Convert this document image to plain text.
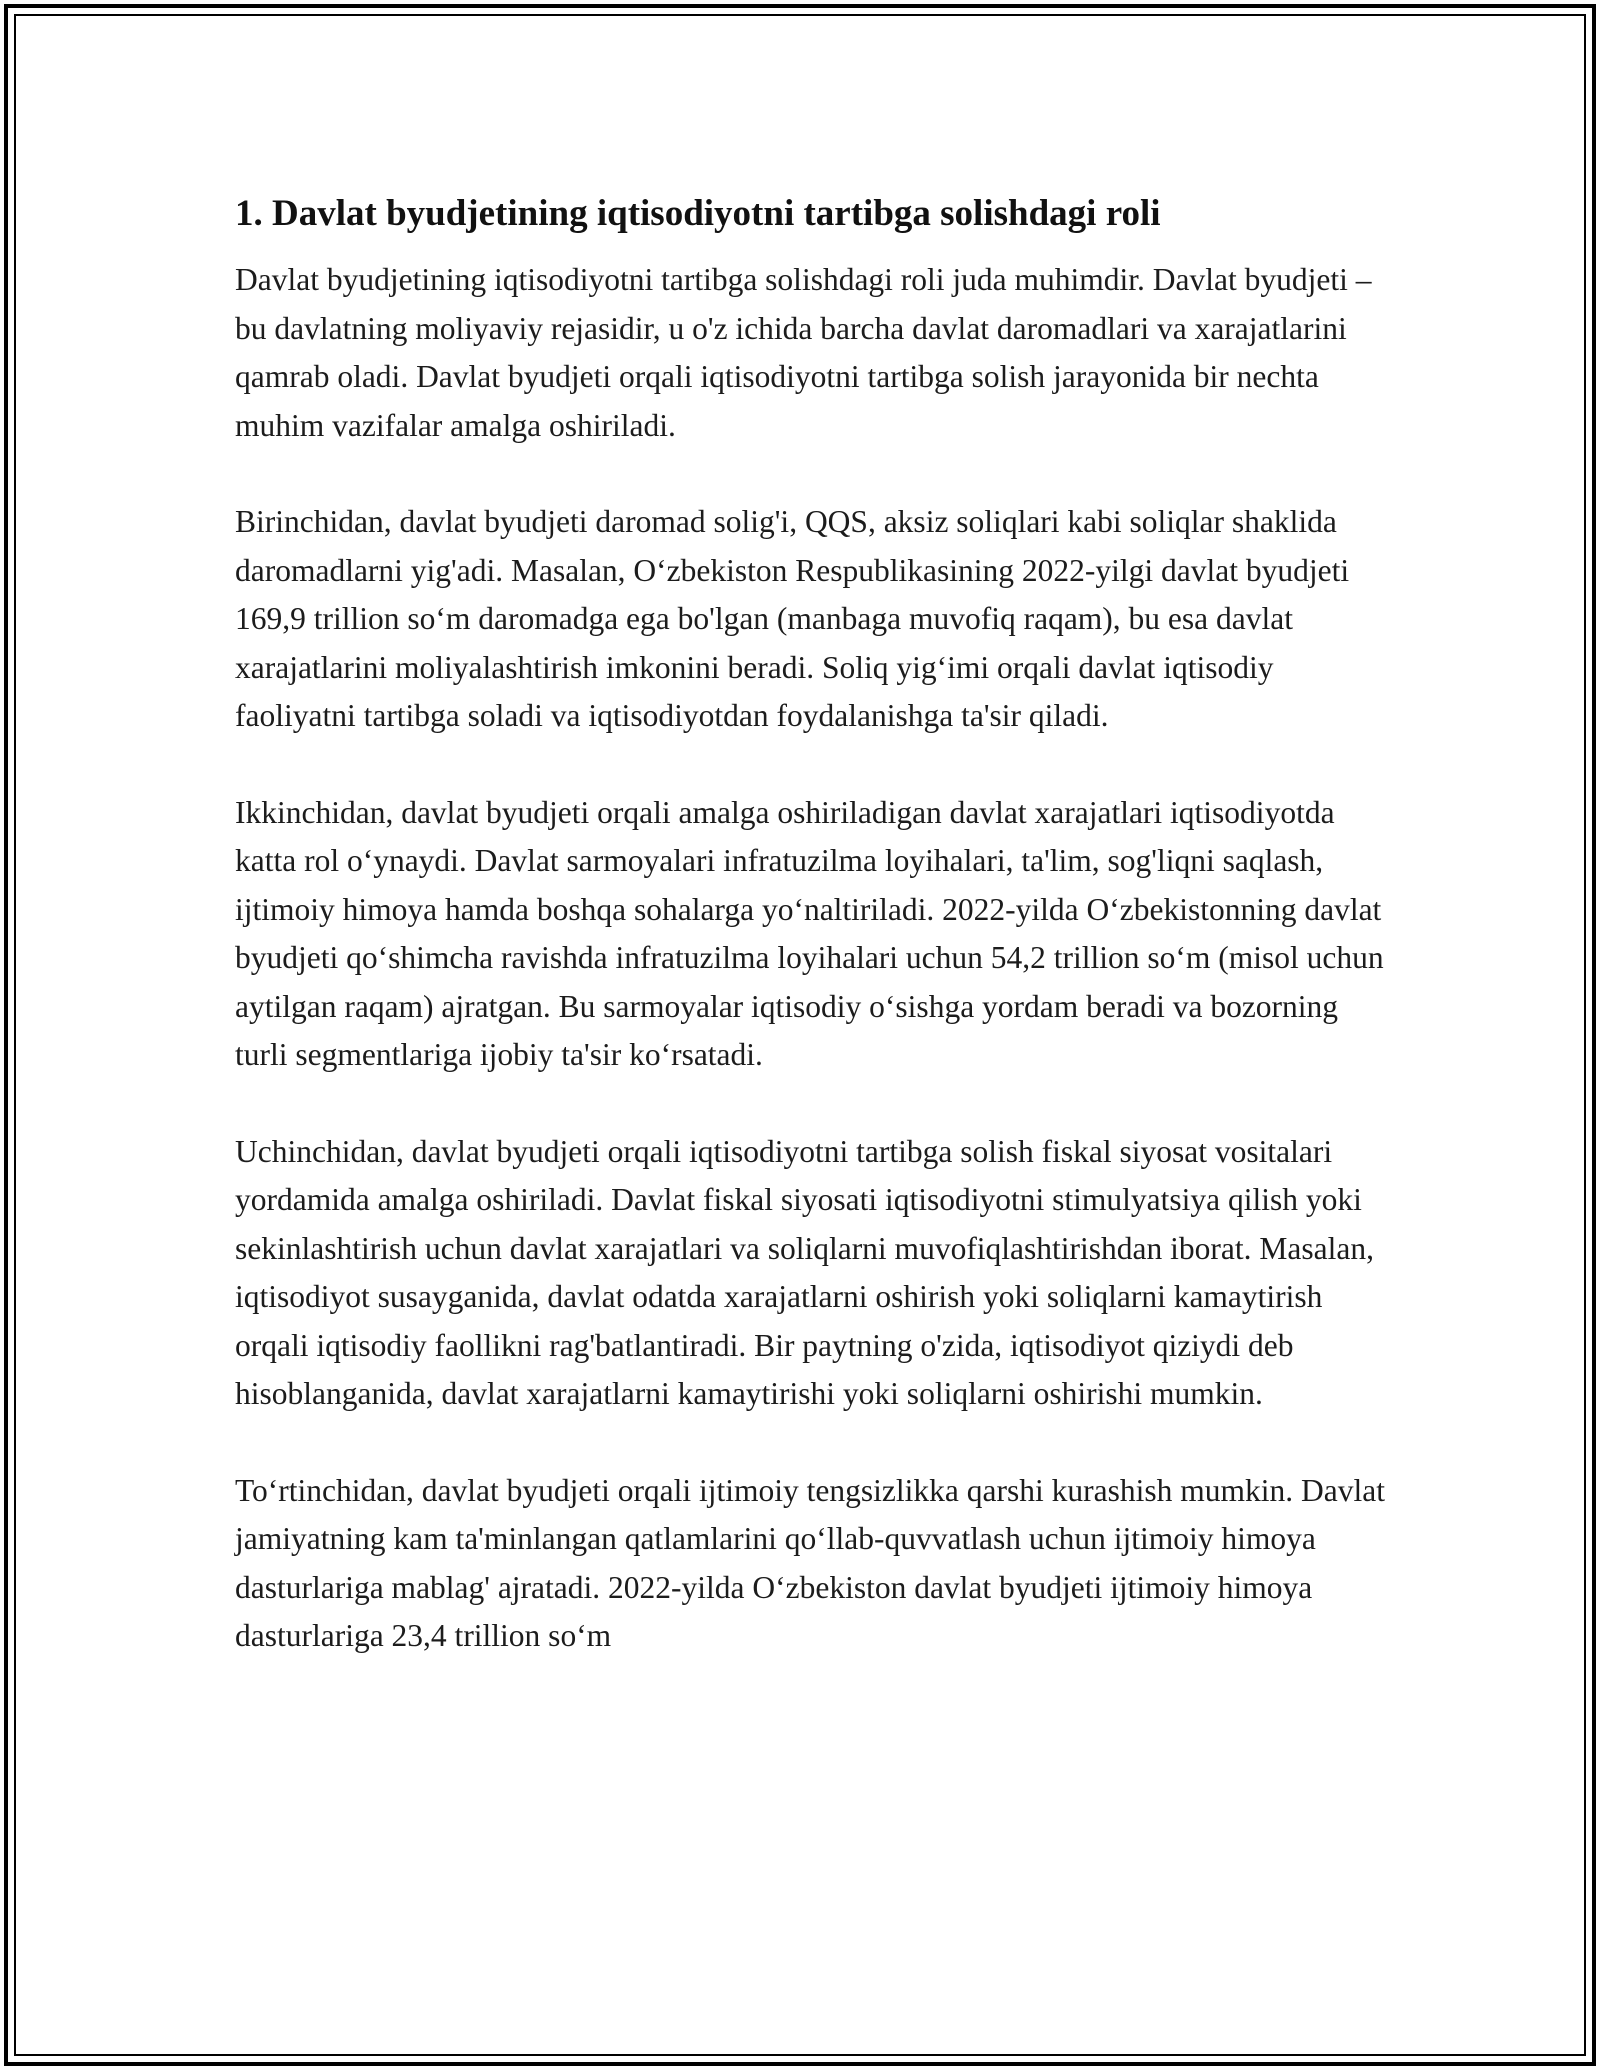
1. Davlat byudjetining iqtisodiyotni tartibga solishdagi roli

Davlat byudjetining iqtisodiyotni tartibga solishdagi roli juda muhimdir. Davlat byudjeti – bu davlatning moliyaviy rejasidir, u o'z ichida barcha davlat daromadlari va xarajatlarini qamrab oladi. Davlat byudjeti orqali iqtisodiyotni tartibga solish jarayonida bir nechta muhim vazifalar amalga oshiriladi.

Birinchidan, davlat byudjeti daromad solig'i, QQS, aksiz soliqlari kabi soliqlar shaklida daromadlarni yig'adi. Masalan, Oʻzbekiston Respublikasining 2022-yilgi davlat byudjeti 169,9 trillion soʻm daromadga ega bo'lgan (manbaga muvofiq raqam), bu esa davlat xarajatlarini moliyalashtirish imkonini beradi. Soliq yigʻimi orqali davlat iqtisodiy faoliyatni tartibga soladi va iqtisodiyotdan foydalanishga ta'sir qiladi.

Ikkinchidan, davlat byudjeti orqali amalga oshiriladigan davlat xarajatlari iqtisodiyotda katta rol oʻynaydi. Davlat sarmoyalari infratuzilma loyihalari, ta'lim, sog'liqni saqlash, ijtimoiy himoya hamda boshqa sohalarga yoʻnaltiriladi. 2022-yilda Oʻzbekistonning davlat byudjeti qoʻshimcha ravishda infratuzilma loyihalari uchun 54,2 trillion soʻm (misol uchun aytilgan raqam) ajratgan. Bu sarmoyalar iqtisodiy oʻsishga yordam beradi va bozorning turli segmentlariga ijobiy ta'sir koʻrsatadi.

Uchinchidan, davlat byudjeti orqali iqtisodiyotni tartibga solish fiskal siyosat vositalari yordamida amalga oshiriladi. Davlat fiskal siyosati iqtisodiyotni stimulyatsiya qilish yoki sekinlashtirish uchun davlat xarajatlari va soliqlarni muvofiqlashtirishdan iborat. Masalan, iqtisodiyot susayganida, davlat odatda xarajatlarni oshirish yoki soliqlarni kamaytirish orqali iqtisodiy faollikni rag'batlantiradi. Bir paytning o'zida, iqtisodiyot qiziydi deb hisoblanganida, davlat xarajatlarni kamaytirishi yoki soliqlarni oshirishi mumkin.

Toʻrtinchidan, davlat byudjeti orqali ijtimoiy tengsizlikka qarshi kurashish mumkin. Davlat jamiyatning kam ta'minlangan qatlamlarini qoʻllab-quvvatlash uchun ijtimoiy himoya dasturlariga mablag' ajratadi. 2022-yilda Oʻzbekiston davlat byudjeti ijtimoiy himoya dasturlariga 23,4 trillion soʻm
